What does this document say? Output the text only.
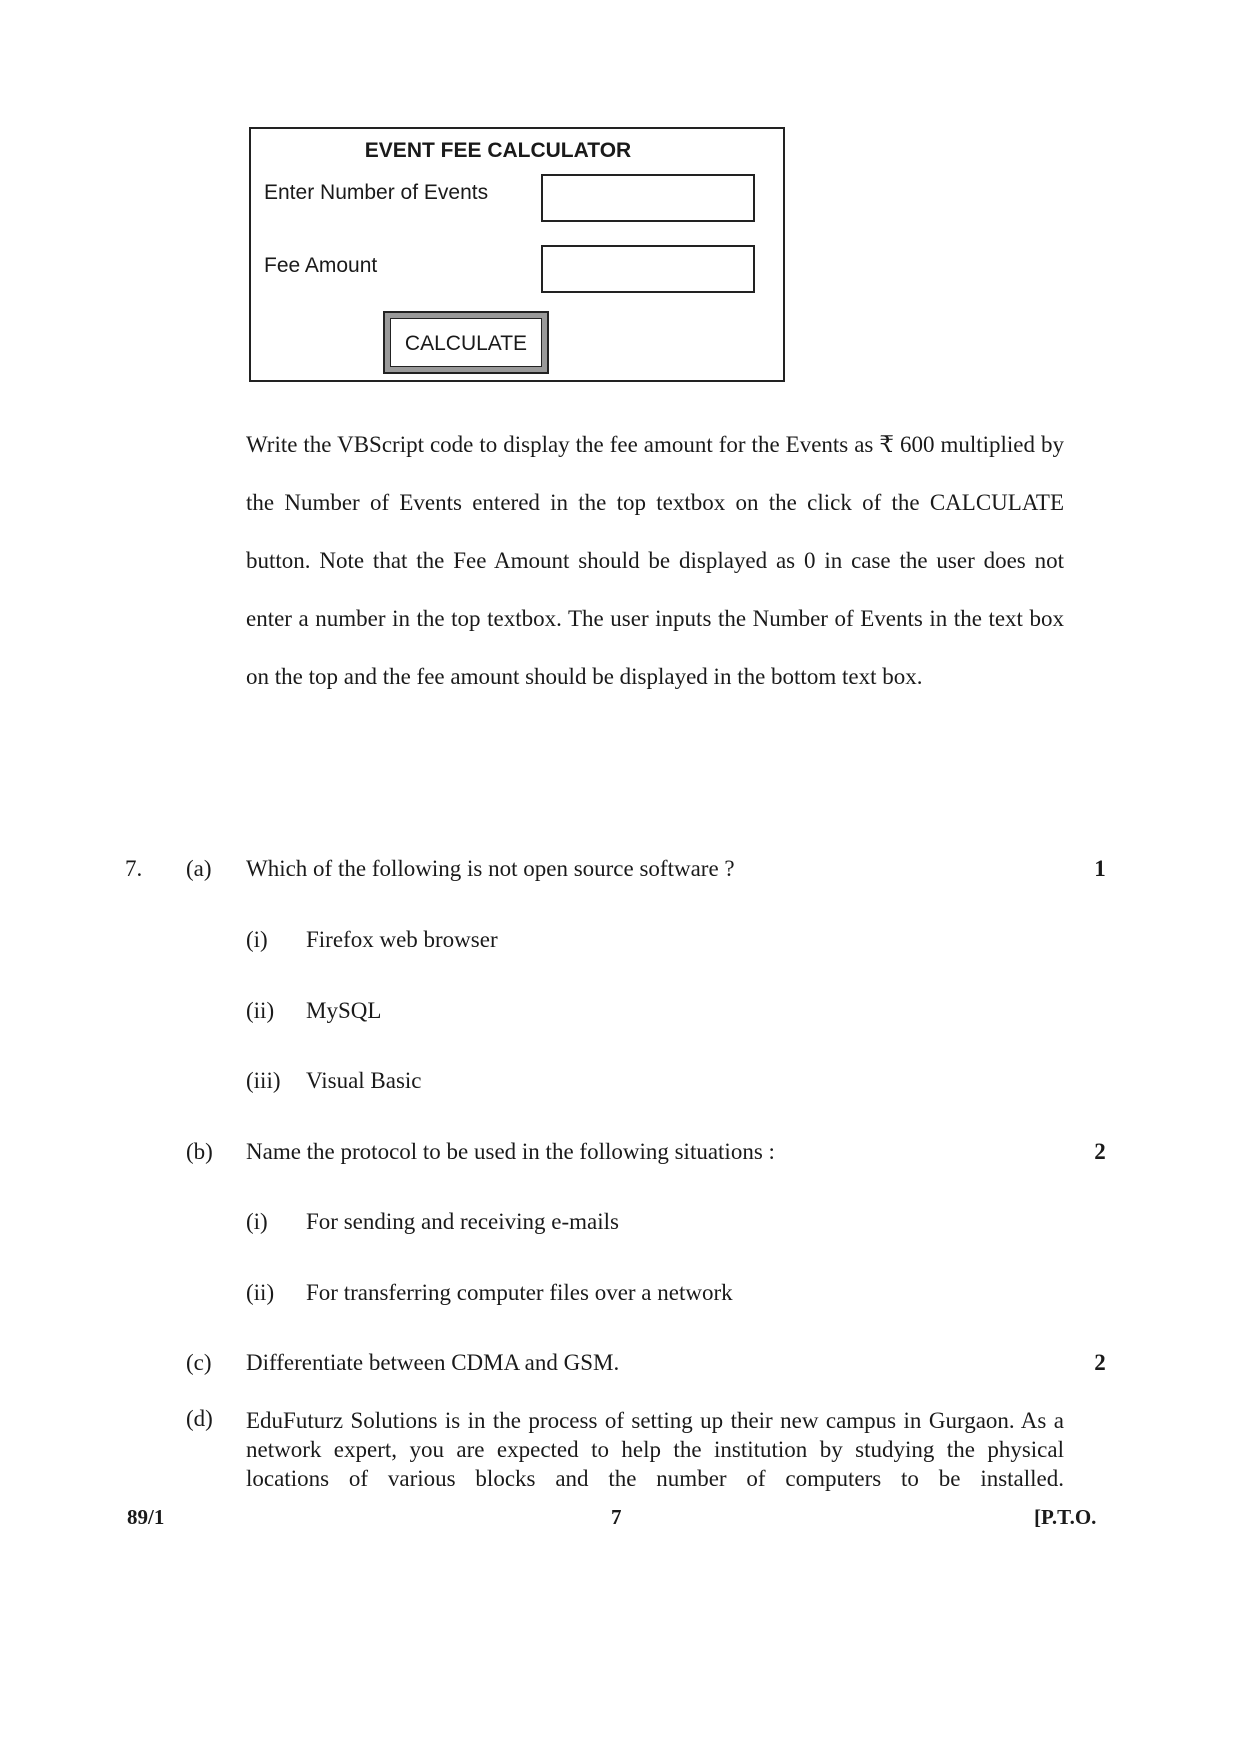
EVENT FEE CALCULATOR
Enter Number of Events
Fee Amount
CALCULATE
Write the VBScript code to display the fee amount for the Events as ₹ 600 multiplied by the Number of Events entered in the top textbox on the click of the CALCULATE button. Note that the Fee Amount should be displayed as 0 in case the user does not enter a number in the top textbox. The user inputs the Number of Events in the text box on the top and the fee amount should be displayed in the bottom text box.
7. (a) Which of the following is not open source software ?	1
(i) Firefox web browser
(ii) MySQL
(iii) Visual Basic
(b) Name the protocol to be used in the following situations :	2
(i) For sending and receiving e-mails
(ii) For transferring computer files over a network
(c) Differentiate between CDMA and GSM.	2
(d) EduFuturz Solutions is in the process of setting up their new campus in Gurgaon. As a network expert, you are expected to help the institution by studying the physical locations of various blocks and the number of computers to be installed.
89/1	7	[P.T.O.
